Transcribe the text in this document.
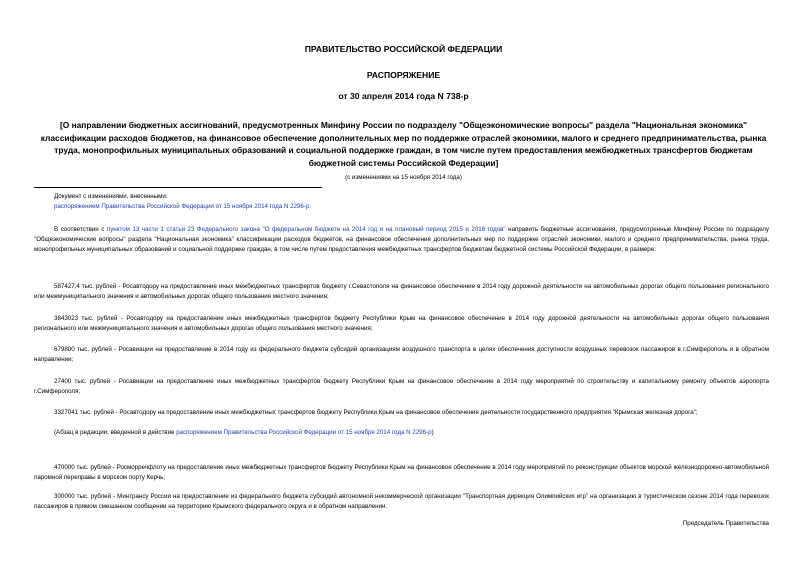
ПРАВИТЕЛЬСТВО РОССИЙСКОЙ ФЕДЕРАЦИИ
РАСПОРЯЖЕНИЕ
от 30 апреля 2014 года N 738-р
[О направлении бюджетных ассигнований, предусмотренных Минфину России по подразделу "Общеэкономические вопросы" раздела "Национальная экономика" классификации расходов бюджетов, на финансовое обеспечение дополнительных мер по поддержке отраслей экономики, малого и среднего предпринимательства, рынка труда, монопрофильных муниципальных образований и социальной поддержке граждан, в том числе путем предоставления межбюджетных трансфертов бюджетам бюджетной системы Российской Федерации]
(с изменениями на 15 ноября 2014 года)
Документ с изменениями, внесенными:
распоряжением Правительства Российской Федерации от 15 ноября 2014 года N 2296-р.
В соответствии с пунктом 13 части 1 статьи 23 Федерального закона "О федеральном бюджете на 2014 год и на плановый период 2015 и 2016 годов" направить бюджетные ассигнования, предусмотренные Минфину России по подразделу "Общеэкономические вопросы" раздела "Национальная экономика" классификации расходов бюджетов, на финансовое обеспечение дополнительных мер по поддержке отраслей экономики, малого и среднего предпринимательства, рынка труда, монопрофильных муниципальных образований и социальной поддержке граждан, в том числе путем предоставления межбюджетных трансфертов бюджетам бюджетной системы Российской Федерации, в размере:
587427,4 тыс. рублей - Росавтодору на предоставление иных межбюджетных трансфертов бюджету г.Севастополя на финансовое обеспечение в 2014 году дорожной деятельности на автомобильных дорогах общего пользования регионального или межмуниципального значения и автомобильных дорогах общего пользования местного значения;
3843023 тыс. рублей - Росавтодору на предоставление иных межбюджетных трансфертов бюджету Республики Крым на финансовое обеспечение в 2014 году дорожной деятельности на автомобильных дорогах общего пользования регионального или межмуниципального значения и автомобильных дорогах общего пользования местного значения;
679800 тыс. рублей - Росавиации на предоставление в 2014 году из федерального бюджета субсидий организациям воздушного транспорта в целях обеспечения доступности воздушных перевозок пассажиров в г.Симферополь и в обратном направлении;
27400 тыс. рублей - Росавиации на предоставление иных межбюджетных трансфертов бюджету Республики Крым на финансовое обеспечение в 2014 году мероприятий по строительству и капитальному ремонту объектов аэропорта г.Симферополя;
3327041 тыс. рублей - Росавтодору на предоставление иных межбюджетных трансфертов бюджету Республики Крым на финансовое обеспечение деятельности государственного предприятия "Крымская железная дорога";
(Абзац в редакции, введенной в действие распоряжением Правительства Российской Федерации от 15 ноября 2014 года N 2296-р)
470000 тыс. рублей - Росморречфлоту на предоставление иных межбюджетных трансфертов бюджету Республики Крым на финансовое обеспечение в 2014 году мероприятий по реконструкции объектов морской железнодорожно-автомобильной паромной переправы в морском порту Керчь;
300000 тыс. рублей - Минтрансу России на предоставление из федерального бюджета субсидий автономной некоммерческой организации "Транспортная дирекция Олимпийских игр" на организацию в туристическом сезоне 2014 года перевозок пассажиров в прямом смешанном сообщении на территорию Крымского федерального округа и в обратном направлении.
Председатель Правительства
